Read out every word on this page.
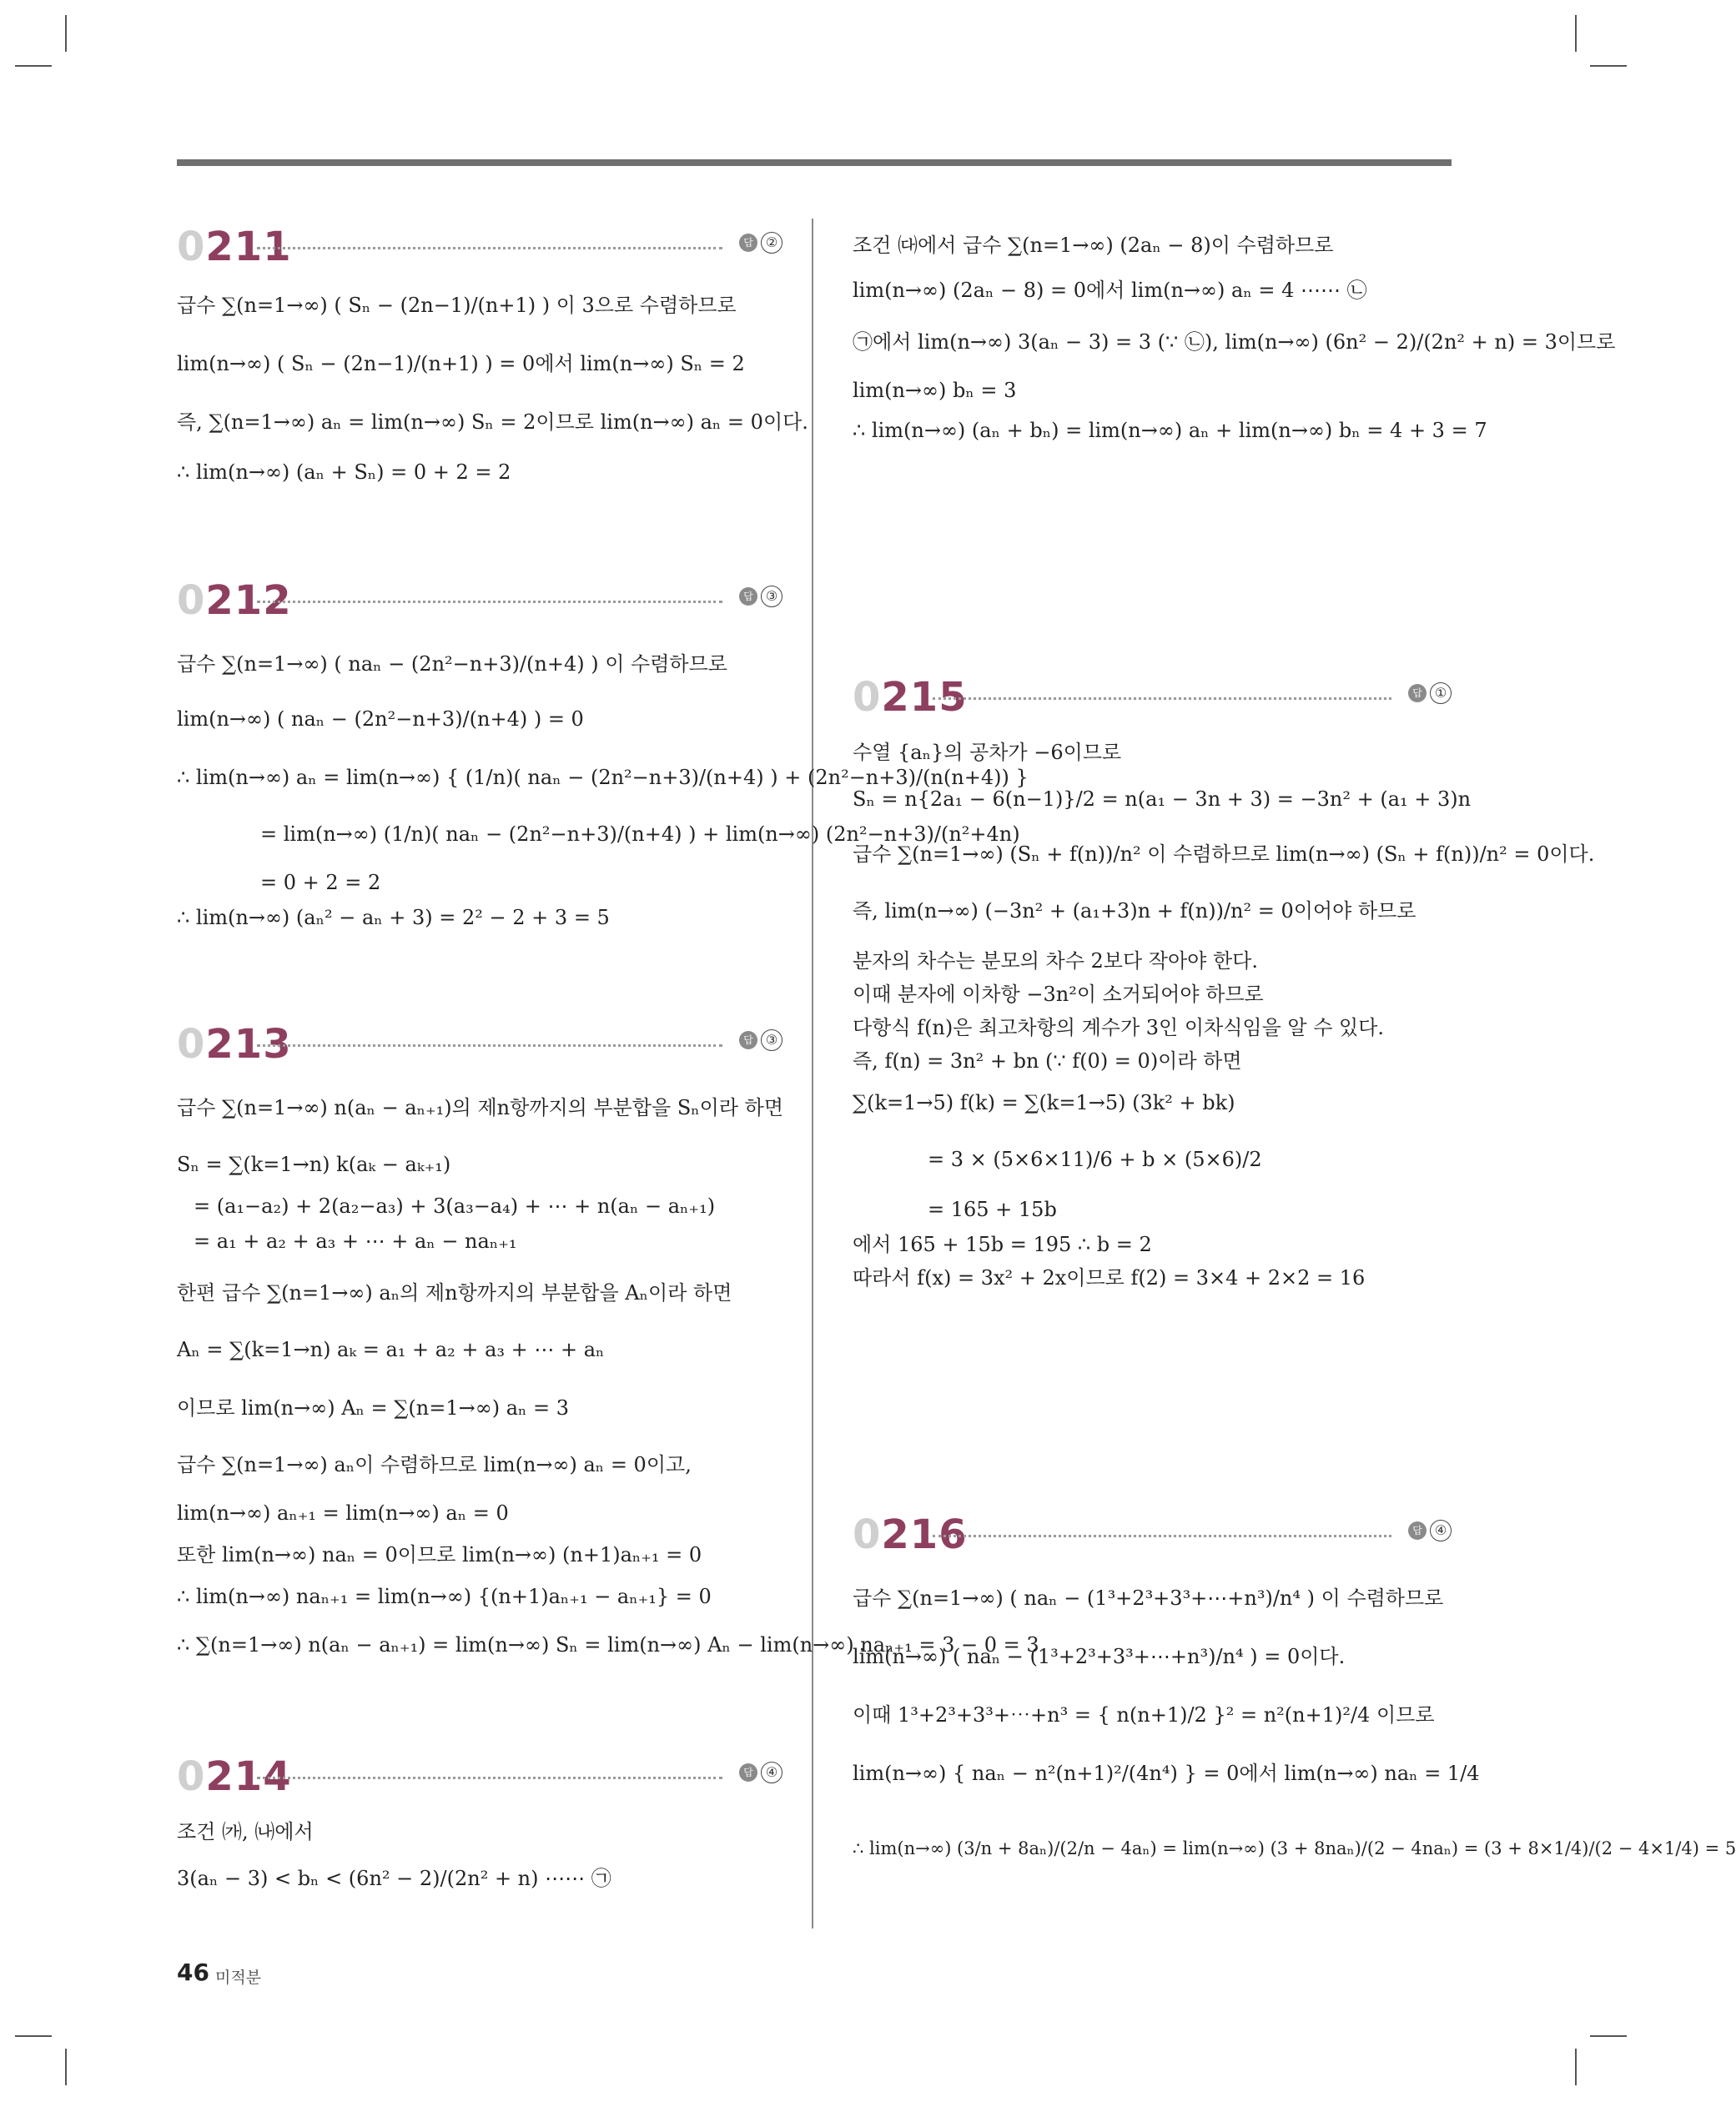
0211	답 ②
급수 ∑(n=1→∞) ( Sₙ − (2n−1)/(n+1) ) 이 3으로 수렴하므로
lim(n→∞) ( Sₙ − (2n−1)/(n+1) ) = 0에서 lim(n→∞) Sₙ = 2
즉, ∑(n=1→∞) aₙ = lim(n→∞) Sₙ = 2이므로 lim(n→∞) aₙ = 0이다.
∴ lim(n→∞) (aₙ + Sₙ) = 0 + 2 = 2
0212	답 ③
급수 ∑(n=1→∞) ( naₙ − (2n²−n+3)/(n+4) ) 이 수렴하므로
lim(n→∞) ( naₙ − (2n²−n+3)/(n+4) ) = 0
∴ lim(n→∞) aₙ = lim(n→∞) { (1/n)( naₙ − (2n²−n+3)/(n+4) ) + (2n²−n+3)/(n(n+4)) }
= lim(n→∞) (1/n)( naₙ − (2n²−n+3)/(n+4) ) + lim(n→∞) (2n²−n+3)/(n²+4n)
= 0 + 2 = 2
∴ lim(n→∞) (aₙ² − aₙ + 3) = 2² − 2 + 3 = 5
0213	답 ③
급수 ∑(n=1→∞) n(aₙ − aₙ₊₁)의 제n항까지의 부분합을 Sₙ이라 하면
Sₙ = ∑(k=1→n) k(aₖ − aₖ₊₁)
= (a₁−a₂) + 2(a₂−a₃) + 3(a₃−a₄) + ⋯ + n(aₙ − aₙ₊₁)
= a₁ + a₂ + a₃ + ⋯ + aₙ − naₙ₊₁
한편 급수 ∑(n=1→∞) aₙ의 제n항까지의 부분합을 Aₙ이라 하면
Aₙ = ∑(k=1→n) aₖ = a₁ + a₂ + a₃ + ⋯ + aₙ
이므로 lim(n→∞) Aₙ = ∑(n=1→∞) aₙ = 3
급수 ∑(n=1→∞) aₙ이 수렴하므로 lim(n→∞) aₙ = 0이고,
lim(n→∞) aₙ₊₁ = lim(n→∞) aₙ = 0
또한 lim(n→∞) naₙ = 0이므로 lim(n→∞) (n+1)aₙ₊₁ = 0
∴ lim(n→∞) naₙ₊₁ = lim(n→∞) {(n+1)aₙ₊₁ − aₙ₊₁} = 0
∴ ∑(n=1→∞) n(aₙ − aₙ₊₁) = lim(n→∞) Sₙ = lim(n→∞) Aₙ − lim(n→∞) naₙ₊₁ = 3 − 0 = 3
0214	답 ④
조건 ㈎, ㈏에서
3(aₙ − 3) < bₙ < (6n² − 2)/(2n² + n) ⋯⋯ ㉠
조건 ㈐에서 급수 ∑(n=1→∞) (2aₙ − 8)이 수렴하므로
lim(n→∞) (2aₙ − 8) = 0에서 lim(n→∞) aₙ = 4 ⋯⋯ ㉡
㉠에서 lim(n→∞) 3(aₙ − 3) = 3 (∵ ㉡), lim(n→∞) (6n² − 2)/(2n² + n) = 3이므로
lim(n→∞) bₙ = 3
∴ lim(n→∞) (aₙ + bₙ) = lim(n→∞) aₙ + lim(n→∞) bₙ = 4 + 3 = 7
0215	답 ①
수열 {aₙ}의 공차가 −6이므로
Sₙ = n{2a₁ − 6(n−1)}/2 = n(a₁ − 3n + 3) = −3n² + (a₁ + 3)n
급수 ∑(n=1→∞) (Sₙ + f(n))/n² 이 수렴하므로 lim(n→∞) (Sₙ + f(n))/n² = 0이다.
즉, lim(n→∞) (−3n² + (a₁+3)n + f(n))/n² = 0이어야 하므로
분자의 차수는 분모의 차수 2보다 작아야 한다.
이때 분자에 이차항 −3n²이 소거되어야 하므로
다항식 f(n)은 최고차항의 계수가 3인 이차식임을 알 수 있다.
즉, f(n) = 3n² + bn (∵ f(0) = 0)이라 하면
∑(k=1→5) f(k) = ∑(k=1→5) (3k² + bk)
= 3 × (5×6×11)/6 + b × (5×6)/2
= 165 + 15b
에서 165 + 15b = 195 ∴ b = 2
따라서 f(x) = 3x² + 2x이므로 f(2) = 3×4 + 2×2 = 16
0216	답 ④
급수 ∑(n=1→∞) ( naₙ − (1³+2³+3³+⋯+n³)/n⁴ ) 이 수렴하므로
lim(n→∞) ( naₙ − (1³+2³+3³+⋯+n³)/n⁴ ) = 0이다.
이때 1³+2³+3³+⋯+n³ = { n(n+1)/2 }² = n²(n+1)²/4 이므로
lim(n→∞) { naₙ − n²(n+1)²/(4n⁴) } = 0에서 lim(n→∞) naₙ = 1/4
∴ lim(n→∞) (3/n + 8aₙ)/(2/n − 4aₙ) = lim(n→∞) (3 + 8naₙ)/(2 − 4naₙ) = (3 + 8×1/4)/(2 − 4×1/4) = 5
46 미적분
